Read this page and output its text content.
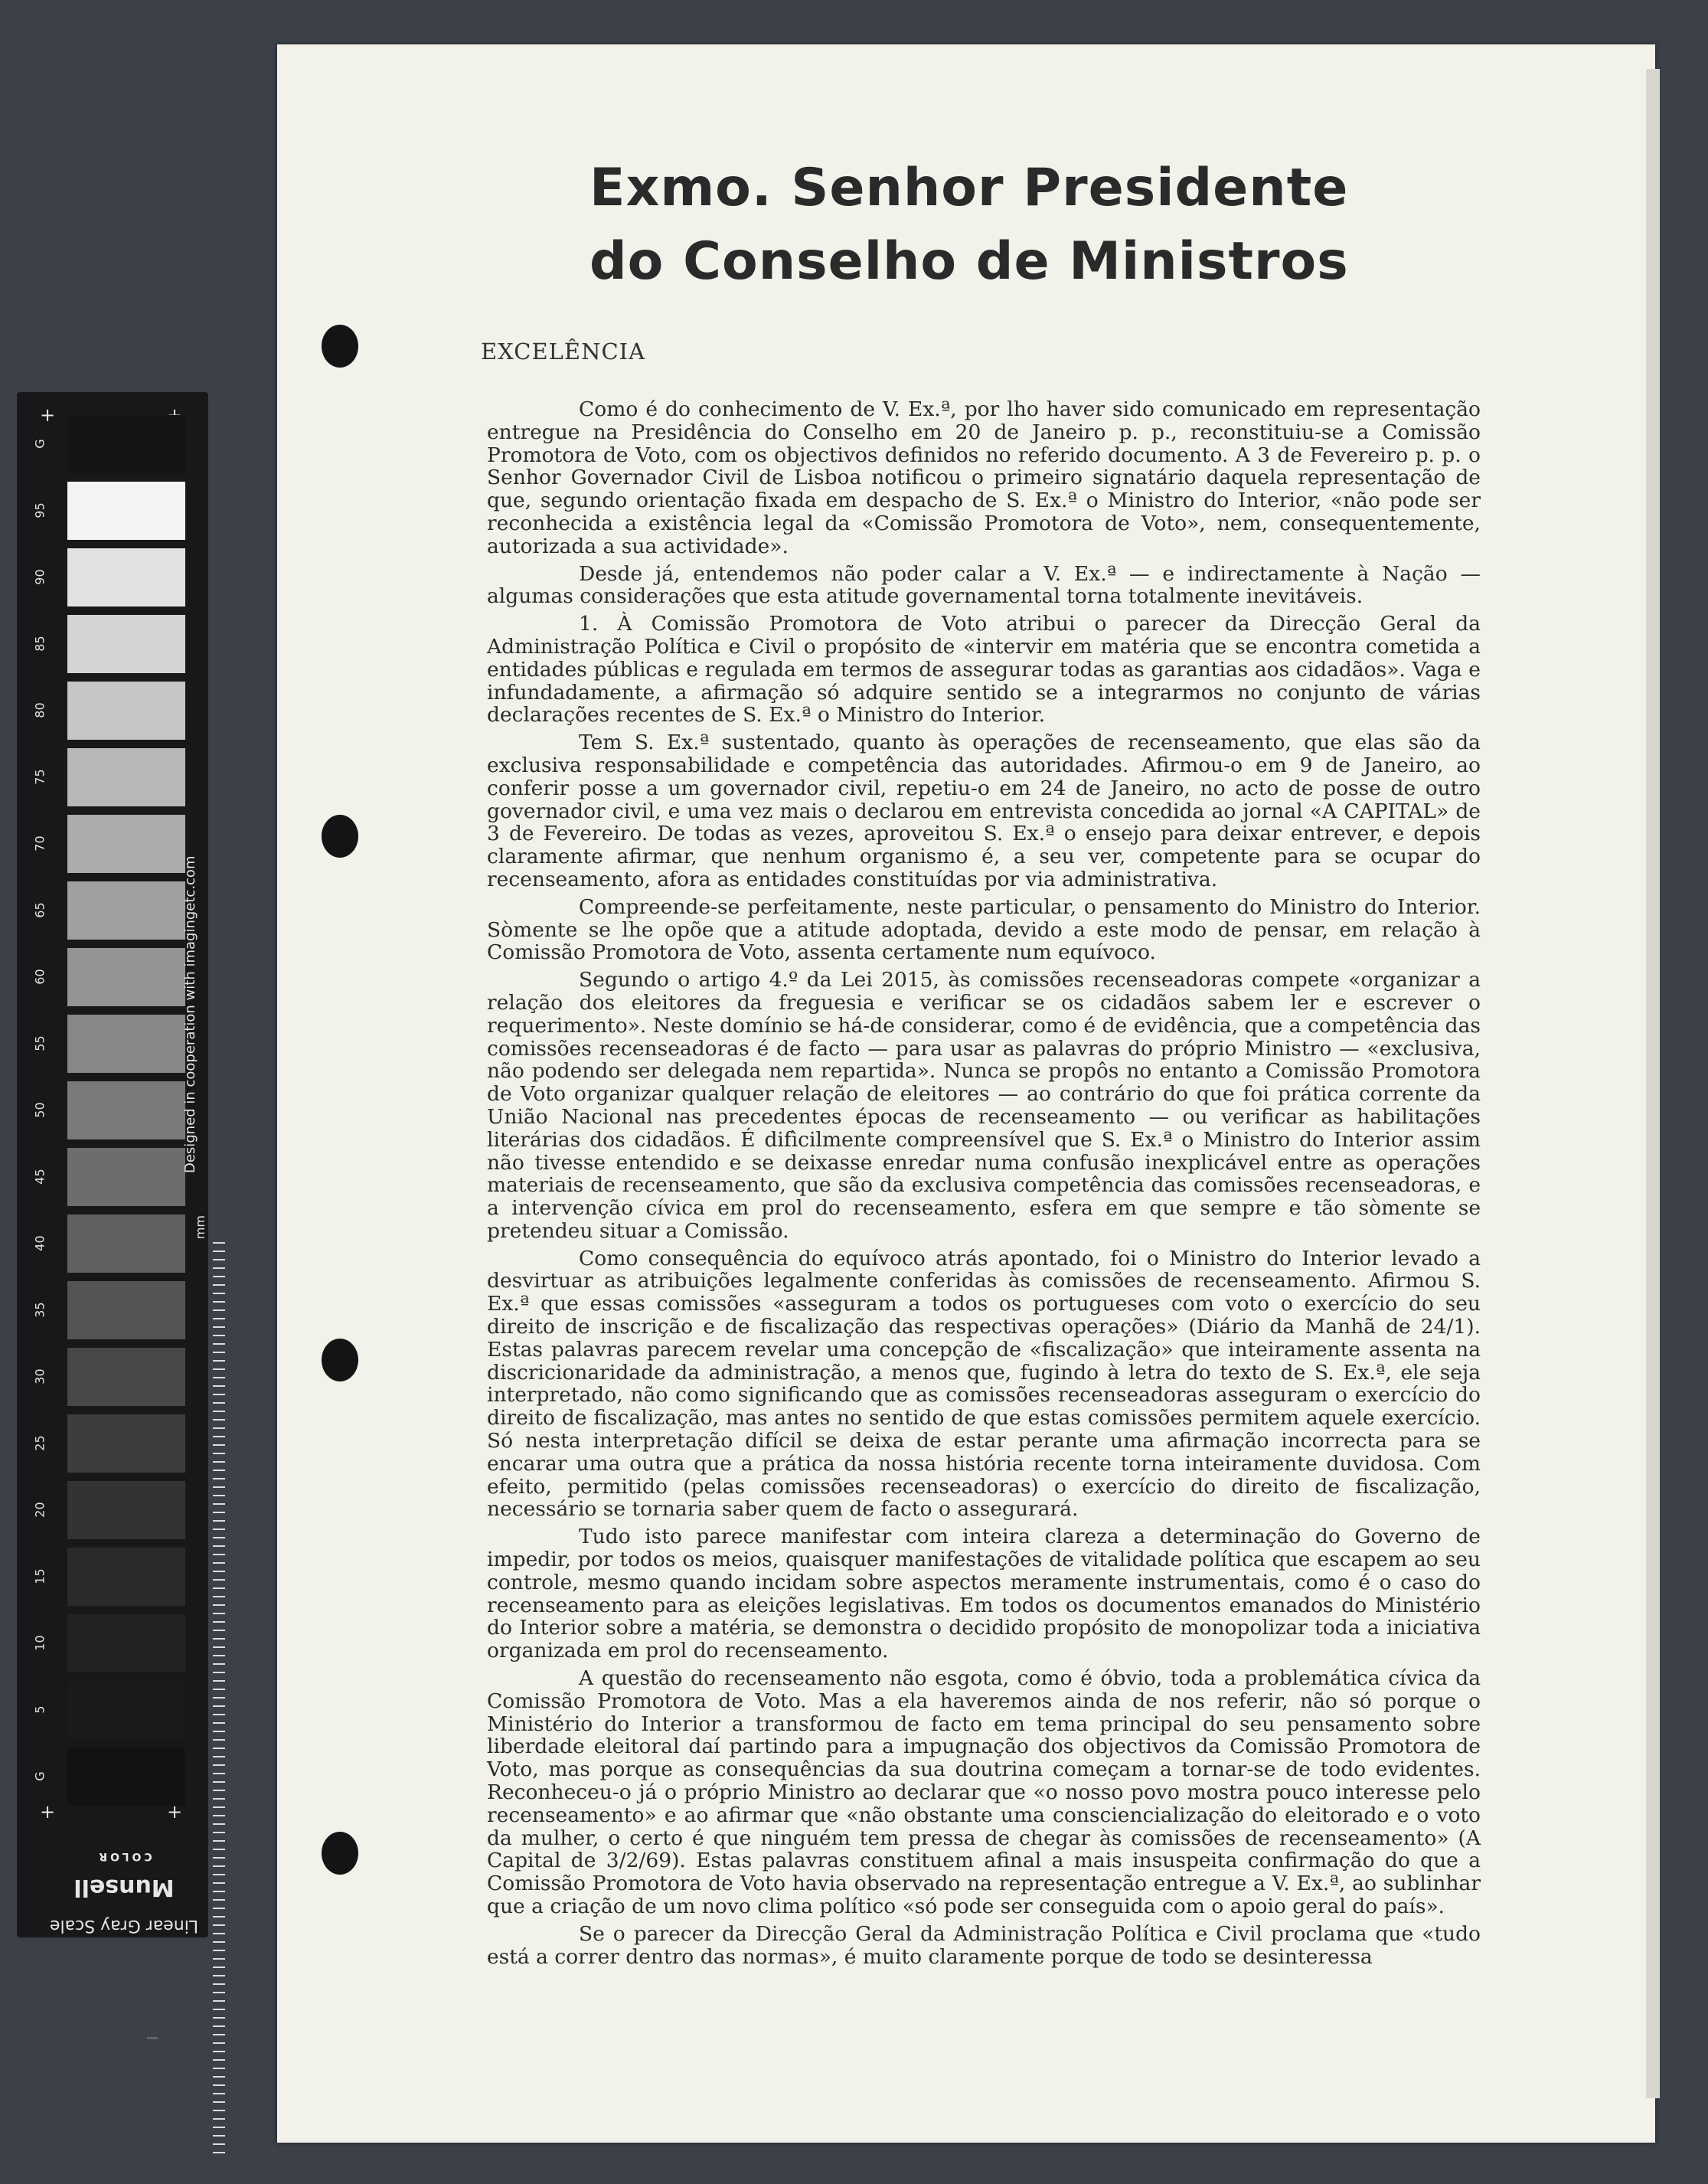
Exmo. Senhor Presidente
do Conselho de Ministros
EXCELÊNCIA

Como é do conhecimento de V. Ex.ª, por lho haver sido comunicado em representação entregue na Presidência do Conselho em 20 de Janeiro p. p., reconstituiu-se a Comissão Promotora de Voto, com os objectivos definidos no referido documento. A 3 de Fevereiro p. p. o Senhor Governador Civil de Lisboa notificou o primeiro signatário daquela representação de que, segundo orientação fixada em despacho de S. Ex.ª o Ministro do Interior, «não pode ser reconhecida a existência legal da «Comissão Promotora de Voto», nem, consequentemente, autorizada a sua actividade».

Desde já, entendemos não poder calar a V. Ex.ª — e indirectamente à Nação — algumas considerações que esta atitude governamental torna totalmente inevitáveis.

1. À Comissão Promotora de Voto atribui o parecer da Direcção Geral da Administração Política e Civil o propósito de «intervir em matéria que se encontra cometida a entidades públicas e regulada em termos de assegurar todas as garantias aos cidadãos». Vaga e infundadamente, a afirmação só adquire sentido se a integrarmos no conjunto de várias declarações recentes de S. Ex.ª o Ministro do Interior.

Tem S. Ex.ª sustentado, quanto às operações de recenseamento, que elas são da exclusiva responsabilidade e competência das autoridades. Afirmou-o em 9 de Janeiro, ao conferir posse a um governador civil, repetiu-o em 24 de Janeiro, no acto de posse de outro governador civil, e uma vez mais o declarou em entrevista concedida ao jornal «A CAPITAL» de 3 de Fevereiro. De todas as vezes, aproveitou S. Ex.ª o ensejo para deixar entrever, e depois claramente afirmar, que nenhum organismo é, a seu ver, competente para se ocupar do recenseamento, afora as entidades constituídas por via administrativa.

Compreende-se perfeitamente, neste particular, o pensamento do Ministro do Interior. Sòmente se lhe opõe que a atitude adoptada, devido a este modo de pensar, em relação à Comissão Promotora de Voto, assenta certamente num equívoco.

Segundo o artigo 4.º da Lei 2015, às comissões recenseadoras compete «organizar a relação dos eleitores da freguesia e verificar se os cidadãos sabem ler e escrever o requerimento». Neste domínio se há-de considerar, como é de evidência, que a competência das comissões recenseadoras é de facto — para usar as palavras do próprio Ministro — «exclusiva, não podendo ser delegada nem repartida». Nunca se propôs no entanto a Comissão Promotora de Voto organizar qualquer relação de eleitores — ao contrário do que foi prática corrente da União Nacional nas precedentes épocas de recenseamento — ou verificar as habilitações literárias dos cidadãos. É difìcilmente compreensível que S. Ex.ª o Ministro do Interior assim não tivesse entendido e se deixasse enredar numa confusão inexplicável entre as operações materiais de recenseamento, que são da exclusiva competência das comissões recenseadoras, e a intervenção cívica em prol do recenseamento, esfera em que sempre e tão sòmente se pretendeu situar a Comissão.

Como consequência do equívoco atrás apontado, foi o Ministro do Interior levado a desvirtuar as atribuições legalmente conferidas às comissões de recenseamento. Afirmou S. Ex.ª que essas comissões «asseguram a todos os portugueses com voto o exercício do seu direito de inscrição e de fiscalização das respectivas operações» (Diário da Manhã de 24/1). Estas palavras parecem revelar uma concepção de «fiscalização» que inteiramente assenta na discricionaridade da administração, a menos que, fugindo à letra do texto de S. Ex.ª, ele seja interpretado, não como significando que as comissões recenseadoras asseguram o exercício do direito de fiscalização, mas antes no sentido de que estas comissões permitem aquele exercício. Só nesta interpretação difícil se deixa de estar perante uma afirmação incorrecta para se encarar uma outra que a prática da nossa história recente torna inteiramente duvidosa. Com efeito, permitido (pelas comissões recenseadoras) o exercício do direito de fiscalização, necessário se tornaria saber quem de facto o assegurará.

Tudo isto parece manifestar com inteira clareza a determinação do Governo de impedir, por todos os meios, quaisquer manifestações de vitalidade política que escapem ao seu controle, mesmo quando incidam sobre aspectos meramente instrumentais, como é o caso do recenseamento para as eleições legislativas. Em todos os documentos emanados do Ministério do Interior sobre a matéria, se demonstra o decidido propósito de monopolizar toda a iniciativa organizada em prol do recenseamento.

A questão do recenseamento não esgota, como é óbvio, toda a problemática cívica da Comissão Promotora de Voto. Mas a ela haveremos ainda de nos referir, não só porque o Ministério do Interior a transformou de facto em tema principal do seu pensamento sobre liberdade eleitoral daí partindo para a impugnação dos objectivos da Comissão Promotora de Voto, mas porque as consequências da sua doutrina começam a tornar-se de todo evidentes. Reconheceu-o já o próprio Ministro ao declarar que «o nosso povo mostra pouco interesse pelo recenseamento» e ao afirmar que «não obstante uma consciencialização do eleitorado e o voto da mulher, o certo é que ninguém tem pressa de chegar às comissões de recenseamento» (A Capital de 3/2/69). Estas palavras constituem afinal a mais insuspeita confirmação do que a Comissão Promotora de Voto havia observado na representação entregue a V. Ex.ª, ao sublinhar que a criação de um novo clima político «só pode ser conseguida com o apoio geral do país».

Se o parecer da Direcção Geral da Administração Política e Civil proclama que «tudo está a correr dentro das normas», é muito claramente porque de todo se desinteressa

+
Designed in cooperation with imagingetc.com
mm
+	+
Linear Gray Scale
Munsell COLOR
G
95
90
85
80
75
70
65
60
55
50
45
40
35
30
25
20
15
10
5
G
